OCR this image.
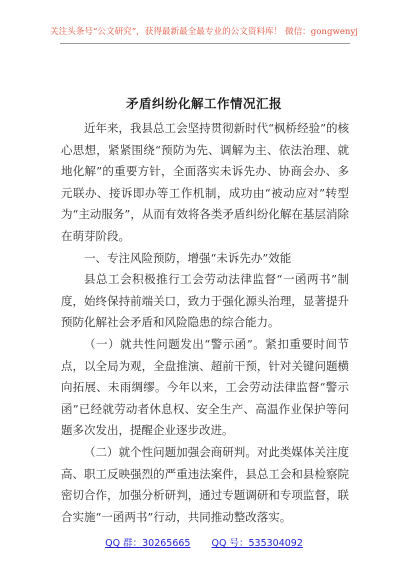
关注头条号“公文研究”，获得最新最全最专业的公文资料库！ 微信：gongwenyj
矛盾纠纷化解工作情况汇报

近年来，我县总工会坚持贯彻新时代“枫桥经验”的核心思想，紧紧围绕“预防为先、调解为主、依法治理、就地化解”的重要方针，全面落实未诉先办、协商会办、多元联办、接诉即办等工作机制，成功由“被动应对”转型为“主动服务”，从而有效将各类矛盾纠纷化解在基层消除在萌芽阶段。

一、专注风险预防，增强“未诉先办”效能

县总工会积极推行工会劳动法律监督“一函两书”制度，始终保持前端关口，致力于强化源头治理，显著提升预防化解社会矛盾和风险隐患的综合能力。

（一）就共性问题发出“警示函”。紧扣重要时间节点，以全局为观，全盘推演、超前干预，针对关键问题横向拓展、未雨绸缪。今年以来，工会劳动法律监督“警示函”已经就劳动者休息权、安全生产、高温作业保护等问题多次发出，提醒企业逐步改进。

（二）就个性问题加强会商研判。对此类媒体关注度高、职工反映强烈的严重违法案件，县总工会和县检察院密切合作，加强分析研判，通过专题调研和专项监督，联合实施“一函两书”行动，共同推动整改落实。

QQ 群：30265665 QQ 号：535304092
